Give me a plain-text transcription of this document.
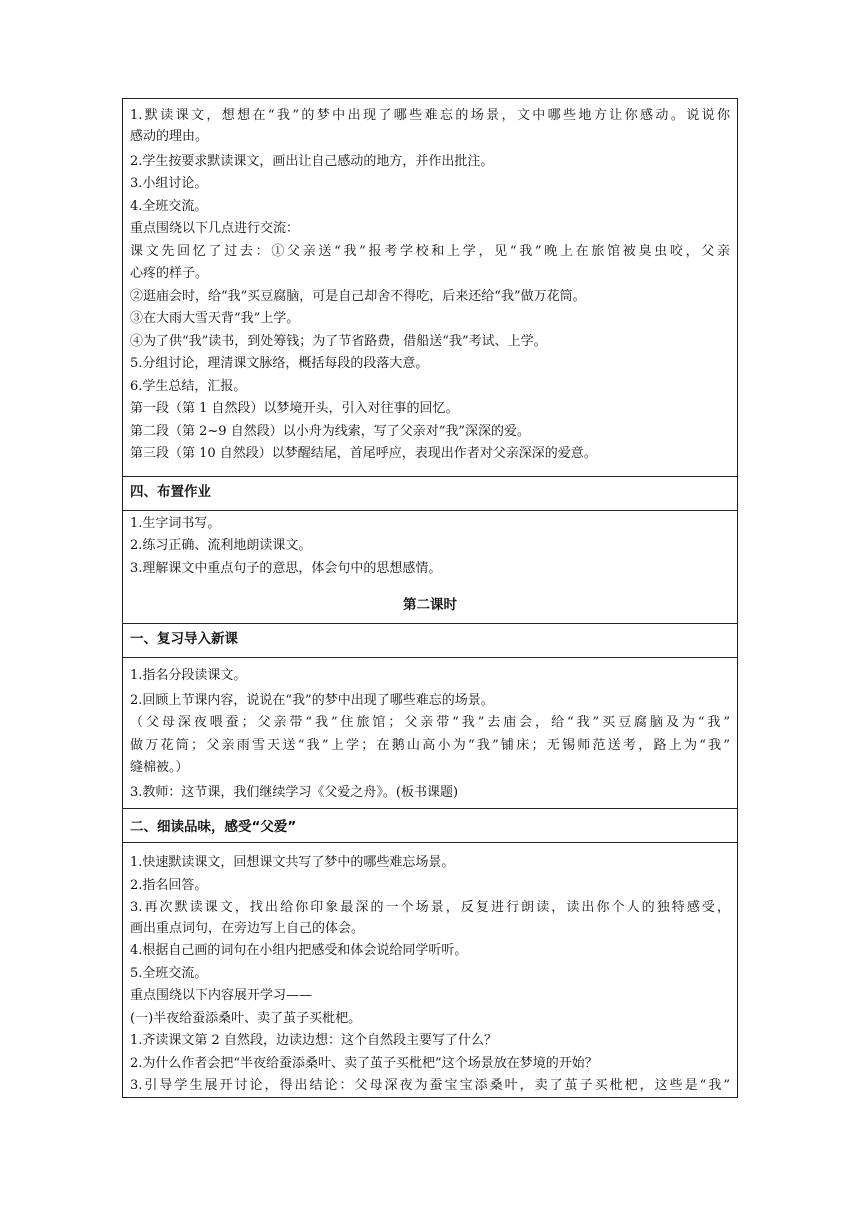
1.默读课文，想想在“我”的梦中出现了哪些难忘的场景，文中哪些地方让你感动。说说你
感动的理由。
2.学生按要求默读课文，画出让自己感动的地方，并作出批注。
3.小组讨论。
4.全班交流。
重点围绕以下几点进行交流：
课文先回忆了过去：①父亲送“我”报考学校和上学，见“我”晚上在旅馆被臭虫咬，父亲
心疼的样子。
②逛庙会时，给“我”买豆腐脑，可是自己却舍不得吃，后来还给“我”做万花筒。
③在大雨大雪天背“我”上学。
④为了供“我”读书，到处筹钱；为了节省路费，借船送“我”考试、上学。
5.分组讨论，理清课文脉络，概括每段的段落大意。
6.学生总结，汇报。
第一段（第 1 自然段）以梦境开头，引入对往事的回忆。
第二段（第 2~9 自然段）以小舟为线索，写了父亲对“我”深深的爱。
第三段（第 10 自然段）以梦醒结尾，首尾呼应，表现出作者对父亲深深的爱意。
四、布置作业
1.生字词书写。
2.练习正确、流利地朗读课文。
3.理解课文中重点句子的意思，体会句中的思想感情。
第二课时
一、复习导入新课
1.指名分段读课文。
2.回顾上节课内容，说说在“我”的梦中出现了哪些难忘的场景。
（父母深夜喂蚕；父亲带“我”住旅馆；父亲带“我”去庙会，给“我”买豆腐脑及为“我”
做万花筒；父亲雨雪天送“我”上学；在鹅山高小为“我”铺床；无锡师范送考，路上为“我”
缝棉被。）
3.教师：这节课，我们继续学习《父爱之舟》。(板书课题)
二、细读品味，感受“父爱”
1.快速默读课文，回想课文共写了梦中的哪些难忘场景。
2.指名回答。
3.再次默读课文，找出给你印象最深的一个场景，反复进行朗读，读出你个人的独特感受，
画出重点词句，在旁边写上自己的体会。
4.根据自己画的词句在小组内把感受和体会说给同学听听。
5.全班交流。
重点围绕以下内容展开学习——
(一)半夜给蚕添桑叶、卖了茧子买枇杷。
1.齐读课文第 2 自然段，边读边想：这个自然段主要写了什么？
2.为什么作者会把“半夜给蚕添桑叶、卖了茧子买枇杷”这个场景放在梦境的开始？
3.引导学生展开讨论，得出结论：父母深夜为蚕宝宝添桑叶，卖了茧子买枇杷，这些是“我”
